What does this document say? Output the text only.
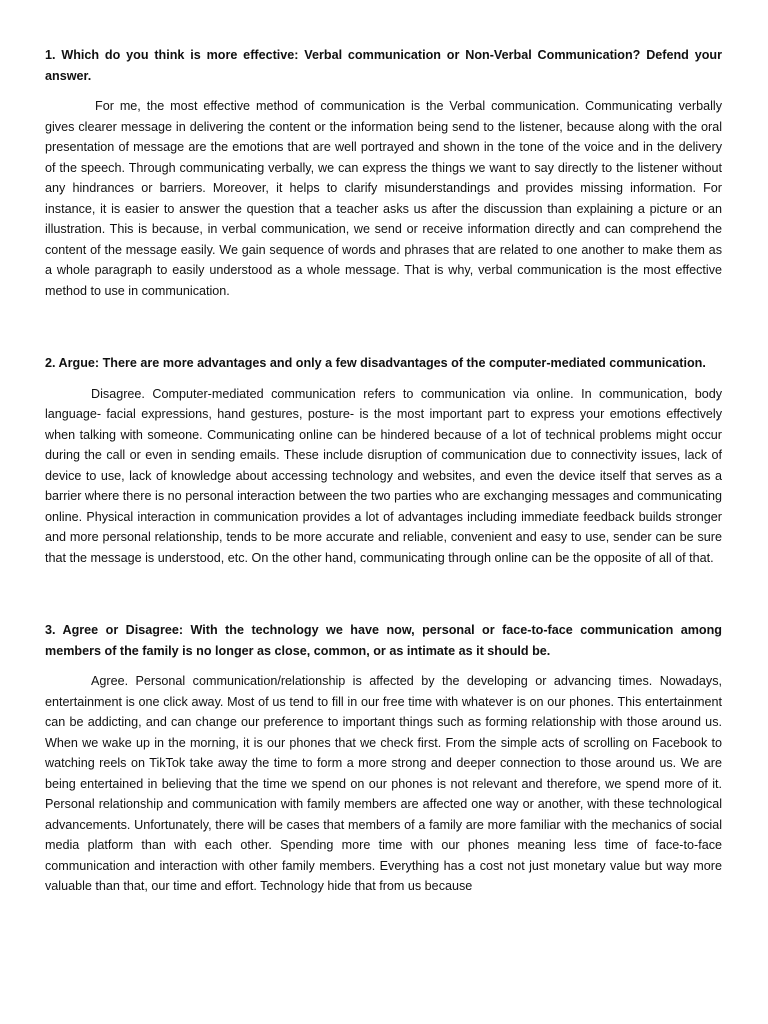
1. Which do you think is more effective: Verbal communication or Non-Verbal Communication? Defend your answer.

For me, the most effective method of communication is the Verbal communication. Communicating verbally gives clearer message in delivering the content or the information being send to the listener, because along with the oral presentation of message are the emotions that are well portrayed and shown in the tone of the voice and in the delivery of the speech. Through communicating verbally, we can express the things we want to say directly to the listener without any hindrances or barriers. Moreover, it helps to clarify misunderstandings and provides missing information. For instance, it is easier to answer the question that a teacher asks us after the discussion than explaining a picture or an illustration. This is because, in verbal communication, we send or receive information directly and can comprehend the content of the message easily. We gain sequence of words and phrases that are related to one another to make them as a whole paragraph to easily understood as a whole message. That is why, verbal communication is the most effective method to use in communication.

2. Argue: There are more advantages and only a few disadvantages of the computer-mediated communication.

Disagree. Computer-mediated communication refers to communication via online. In communication, body language- facial expressions, hand gestures, posture- is the most important part to express your emotions effectively when talking with someone. Communicating online can be hindered because of a lot of technical problems might occur during the call or even in sending emails. These include disruption of communication due to connectivity issues, lack of device to use, lack of knowledge about accessing technology and websites, and even the device itself that serves as a barrier where there is no personal interaction between the two parties who are exchanging messages and communicating online. Physical interaction in communication provides a lot of advantages including immediate feedback builds stronger and more personal relationship, tends to be more accurate and reliable, convenient and easy to use, sender can be sure that the message is understood, etc. On the other hand, communicating through online can be the opposite of all of that.

3. Agree or Disagree: With the technology we have now, personal or face-to-face communication among members of the family is no longer as close, common, or as intimate as it should be.

Agree. Personal communication/relationship is affected by the developing or advancing times. Nowadays, entertainment is one click away. Most of us tend to fill in our free time with whatever is on our phones. This entertainment can be addicting, and can change our preference to important things such as forming relationship with those around us. When we wake up in the morning, it is our phones that we check first. From the simple acts of scrolling on Facebook to watching reels on TikTok take away the time to form a more strong and deeper connection to those around us. We are being entertained in believing that the time we spend on our phones is not relevant and therefore, we spend more of it. Personal relationship and communication with family members are affected one way or another, with these technological advancements. Unfortunately, there will be cases that members of a family are more familiar with the mechanics of social media platform than with each other. Spending more time with our phones meaning less time of face-to-face communication and interaction with other family members. Everything has a cost not just monetary value but way more valuable than that, our time and effort. Technology hide that from us because
